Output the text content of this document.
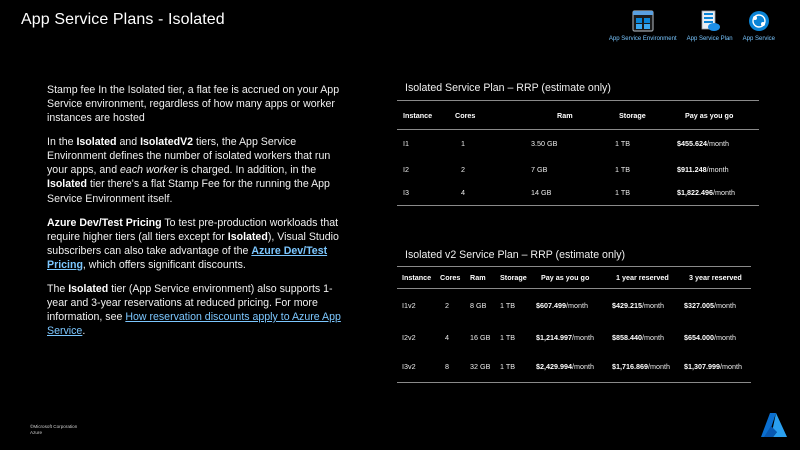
App Service Plans - Isolated
App Service Environment App Service Plan App Service

Stamp fee In the Isolated tier, a flat fee is accrued on your App Service environment, regardless of how many apps or worker instances are hosted

In the Isolated and IsolatedV2 tiers, the App Service Environment defines the number of isolated workers that run your apps, and each worker is charged. In addition, in the Isolated tier there's a flat Stamp Fee for the running the App Service Environment itself.

Azure Dev/Test Pricing To test pre-production workloads that require higher tiers (all tiers except for Isolated), Visual Studio subscribers can also take advantage of the Azure Dev/Test Pricing, which offers significant discounts.

The Isolated tier (App Service environment) also supports 1-year and 3-year reservations at reduced pricing. For more information, see How reservation discounts apply to Azure App Service.

Isolated Service Plan – RRP (estimate only)
Instance	Cores	Ram	Storage	Pay as you go
I1	1	3.50 GB	1 TB	$455.624/month
I2	2	7 GB	1 TB	$911.248/month
I3	4	14 GB	1 TB	$1,822.496/month
Isolated v2 Service Plan – RRP (estimate only)
Instance	Cores	Ram	Storage	Pay as you go	1 year reserved	3 year reserved
I1v2	2	8 GB	1 TB	$607.499/month	$429.215/month	$327.005/month
I2v2	4	16 GB	1 TB	$1,214.997/month	$858.440/month	$654.000/month
I3v2	8	32 GB	1 TB	$2,429.994/month	$1,716.869/month	$1,307.999/month
©Microsoft Corporation
Azure
